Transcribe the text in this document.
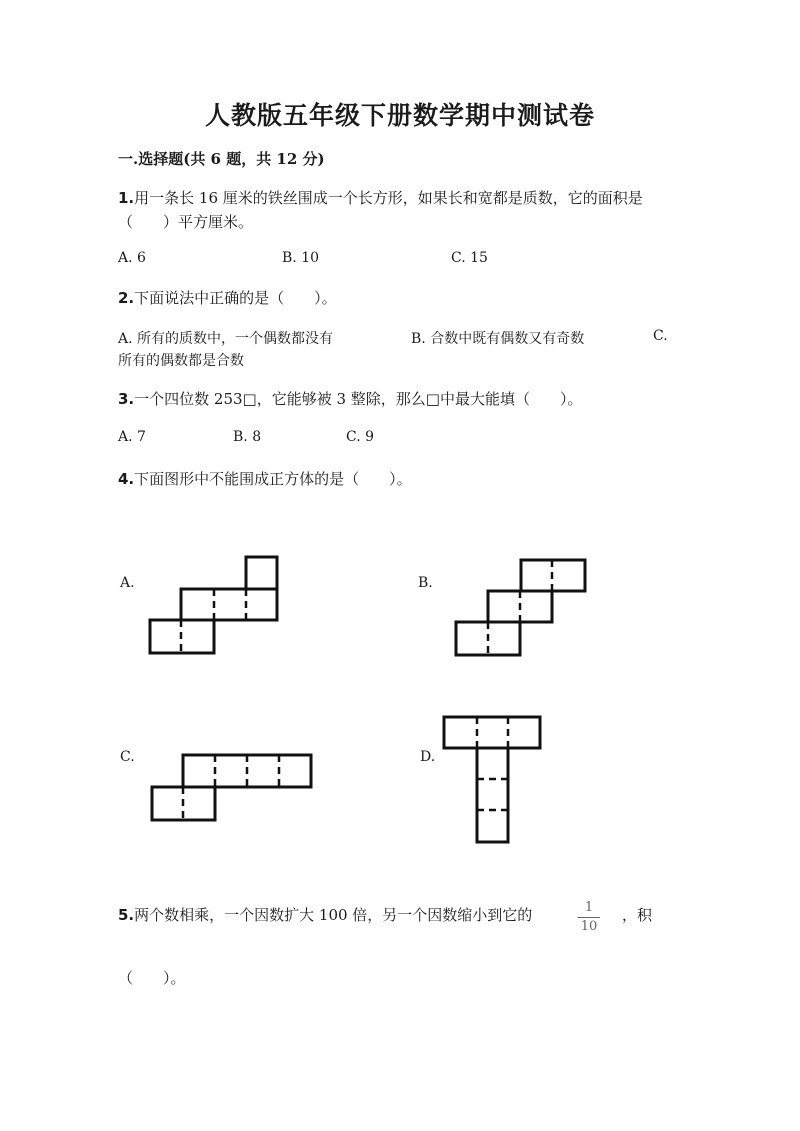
人教版五年级下册数学期中测试卷
一.选择题(共 6 题，共 12 分)
1.用一条长 16 厘米的铁丝围成一个长方形，如果长和宽都是质数，它的面积是
（　　）平方厘米。
A. 6	B. 10	C. 15
2.下面说法中正确的是（　　）。
A. 所有的质数中，一个偶数都没有	B. 合数中既有偶数又有奇数	C.
所有的偶数都是合数
3.一个四位数 253□，它能够被 3 整除，那么□中最大能填（　　）。
A. 7	B. 8	C. 9
4.下面图形中不能围成正方体的是（　　）。
A.	B.
C.	D.
5.两个数相乘，一个因数扩大 100 倍，另一个因数缩小到它的	1
10
，积
（　　）。
